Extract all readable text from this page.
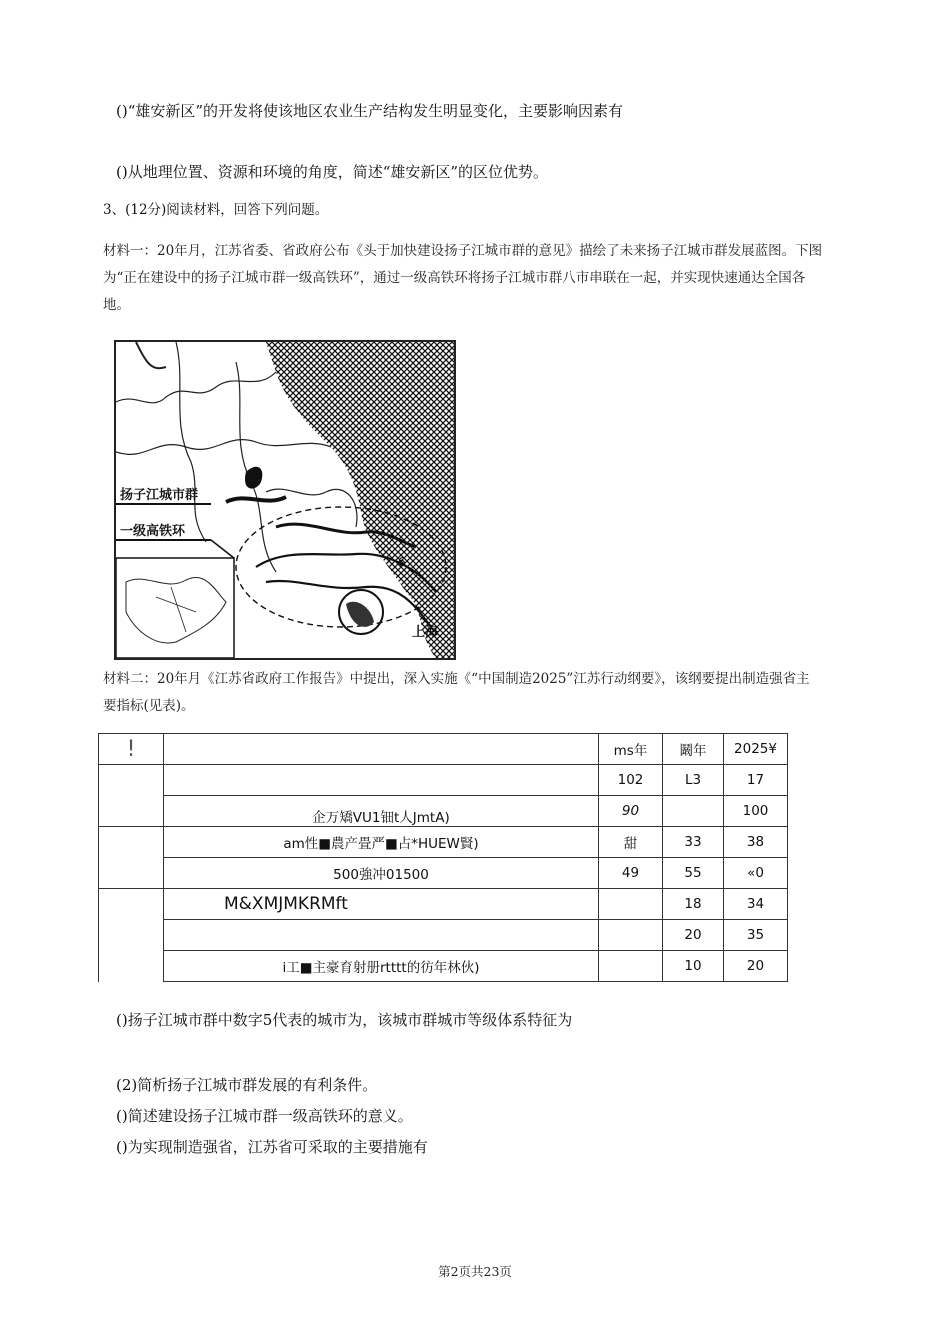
()“雄安新区”的开发将使该地区农业生产结构发生明显变化，主要影响因素有
()从地理位置、资源和环境的角度，简述“雄安新区”的区位优势。
3、(12分)阅读材料，回答下列问题。
材料一：20年月，江苏省委、省政府公布《头于加快建设扬子江城市群的意见》描绘了未来扬子江城市群发展蓝图。下图为“正在建设中的扬子江城市群一级高铁环”，通过一级高铁环将扬子江城市群八市串联在一起，并实现快速通达全国各地。
扬子江城市群
一级高铁环
6
上海
材料二：20年月《江苏省政府工作报告》中提出，深入实施《“中国制造2025”江苏行动纲要》，该纲要提出制造强省主要指标(见表)。
!		ms年	鬫年	2025¥
		102	L3	17
	企万矯VU1钿t人JmtA)	90		100
	am性■農产畳严■占*HUEW賢)	甜	33	38
	500強冲01500	49	55	«0
	M&XMJMKRMft		18	34
			20	35
	i工■主豪育射册rtttt的彷年林伙)		10	20
()扬子江城市群中数字5代表的城市为，该城市群城市等级体系特征为
(2)简析扬子江城市群发展的有利条件。
()简述建设扬子江城市群一级高铁环的意义。
()为实现制造强省，江苏省可采取的主要措施有
第2页共23页
